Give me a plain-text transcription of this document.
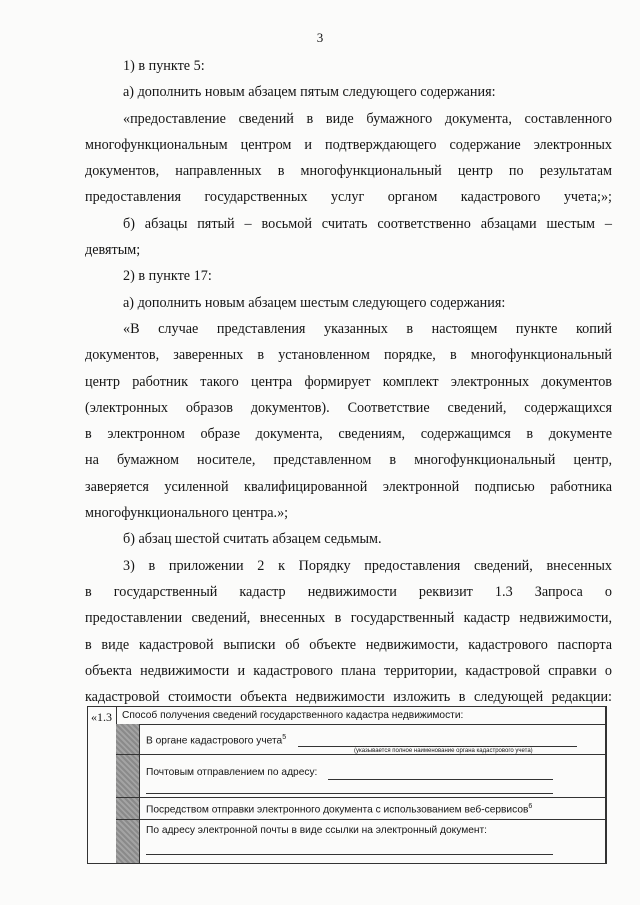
3
1) в пункте 5:
а) дополнить новым абзацем пятым следующего содержания:
«предоставление сведений в виде бумажного документа, составленного
многофункциональным центром и подтверждающего содержание электронных
документов, направленных в многофункциональный центр по результатам
предоставления государственных услуг органом кадастрового учета;»;
б) абзацы пятый – восьмой считать соответственно абзацами шестым –
девятым;
2) в пункте 17:
а) дополнить новым абзацем шестым следующего содержания:
«В случае представления указанных в настоящем пункте копий
документов, заверенных в установленном порядке, в многофункциональный
центр работник такого центра формирует комплект электронных документов
(электронных образов документов). Соответствие сведений, содержащихся
в электронном образе документа, сведениям, содержащимся в документе
на бумажном носителе, представленном в многофункциональный центр,
заверяется усиленной квалифицированной электронной подписью работника
многофункционального центра.»;
б) абзац шестой считать абзацем седьмым.
3) в приложении 2 к Порядку предоставления сведений, внесенных
в государственный кадастр недвижимости реквизит 1.3 Запроса о
предоставлении сведений, внесенных в государственный кадастр недвижимости,
в виде кадастровой выписки об объекте недвижимости, кадастрового паспорта
объекта недвижимости и кадастрового плана территории, кадастровой справки о
кадастровой стоимости объекта недвижимости изложить в следующей редакции:
«1.3 Способ получения сведений государственного кадастра недвижимости:
В органе кадастрового учета$^5$
(указывается полное наименование органа кадастрового учета)
Почтовым отправлением по адресу:
Посредством отправки электронного документа с использованием веб-сервисов$^6$
По адресу электронной почты в виде ссылки на электронный документ:
